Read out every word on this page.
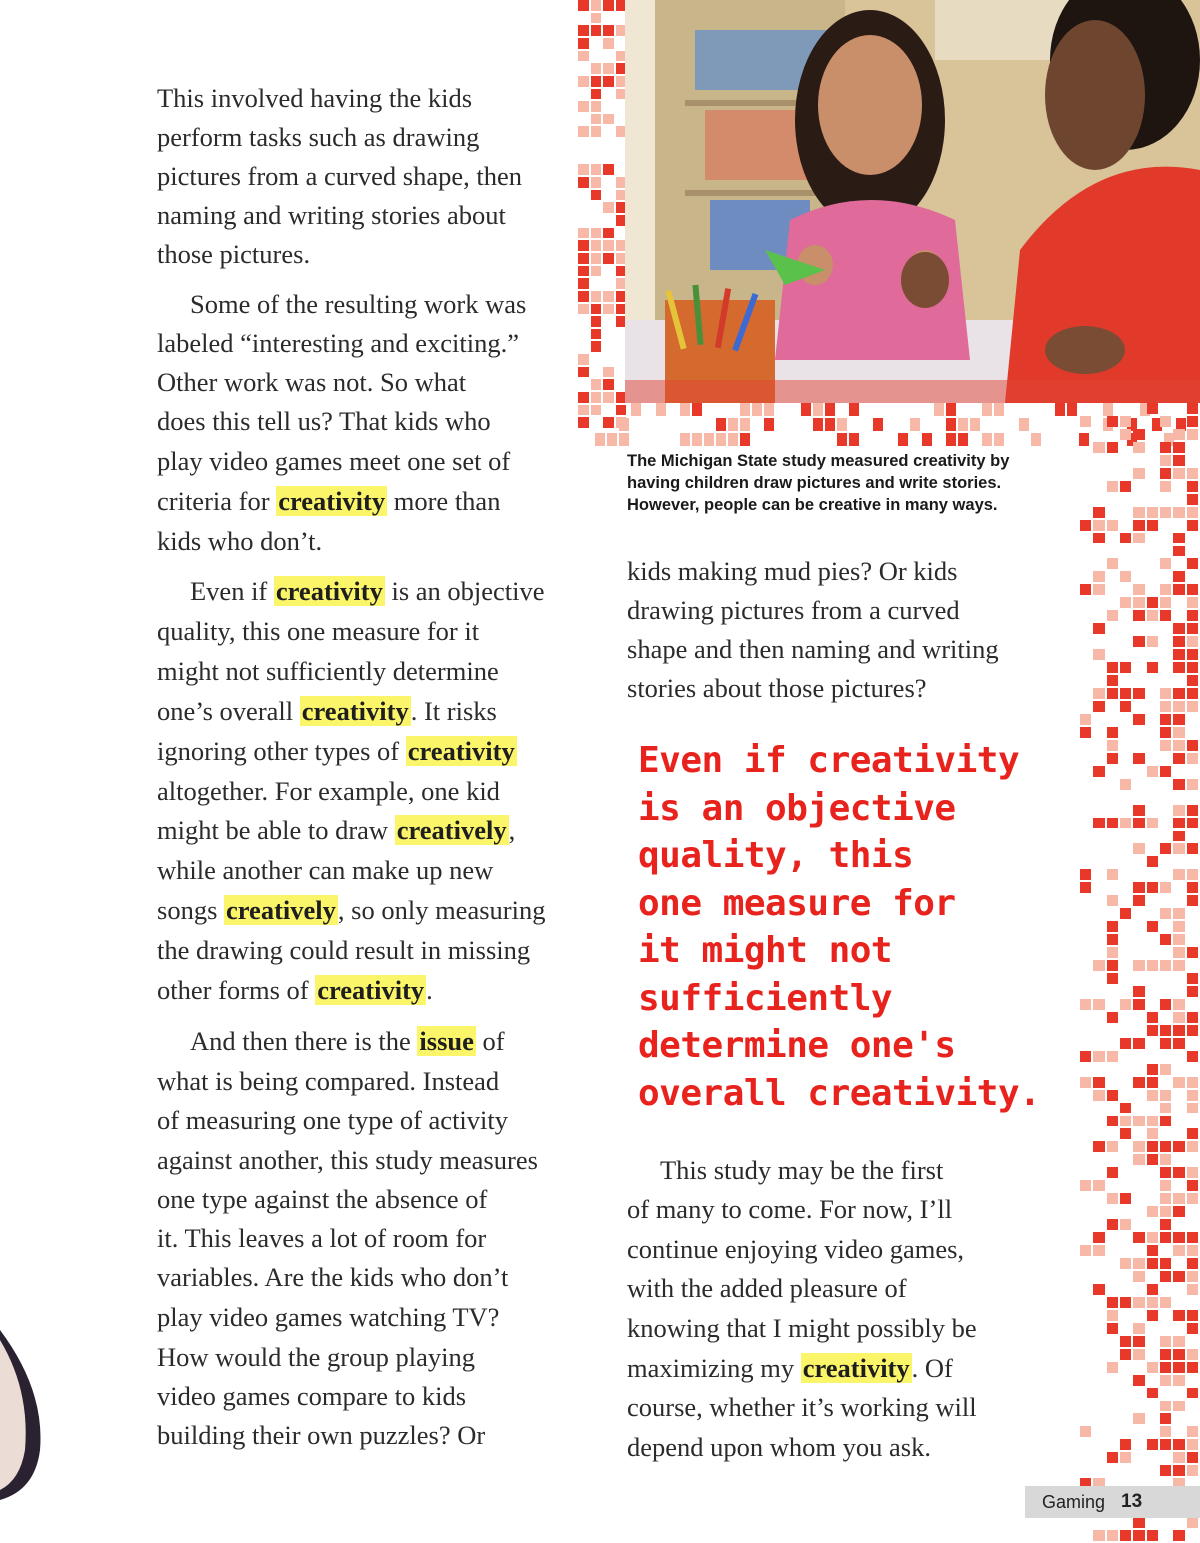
This involved having the kids
perform tasks such as drawing
pictures from a curved shape, then
naming and writing stories about
those pictures.
Some of the resulting work was
labeled “interesting and exciting.”
Other work was not. So what
does this tell us? That kids who
play video games meet one set of
criteria for creativity more than
kids who don’t.
Even if creativity is an objective
quality, this one measure for it
might not sufficiently determine
one’s overall creativity. It risks
ignoring other types of creativity
altogether. For example, one kid
might be able to draw creatively,
while another can make up new
songs creatively, so only measuring
the drawing could result in missing
other forms of creativity.
And then there is the issue of
what is being compared. Instead
of measuring one type of activity
against another, this study measures
one type against the absence of
it. This leaves a lot of room for
variables. Are the kids who don’t
play video games watching TV?
How would the group playing
video games compare to kids
building their own puzzles? Or
The Michigan State study measured creativity by
having children draw pictures and write stories.
However, people can be creative in many ways.
kids making mud pies? Or kids
drawing pictures from a curved
shape and then naming and writing
stories about those pictures?
This study may be the first
of many to come. For now, I’ll
continue enjoying video games,
with the added pleasure of
knowing that I might possibly be
maximizing my creativity. Of
course, whether it’s working will
depend upon whom you ask.
Even if creativity
is an objective
quality, this
one measure for
it might not
sufficiently
determine one's
overall creativity.
Gaming 13
